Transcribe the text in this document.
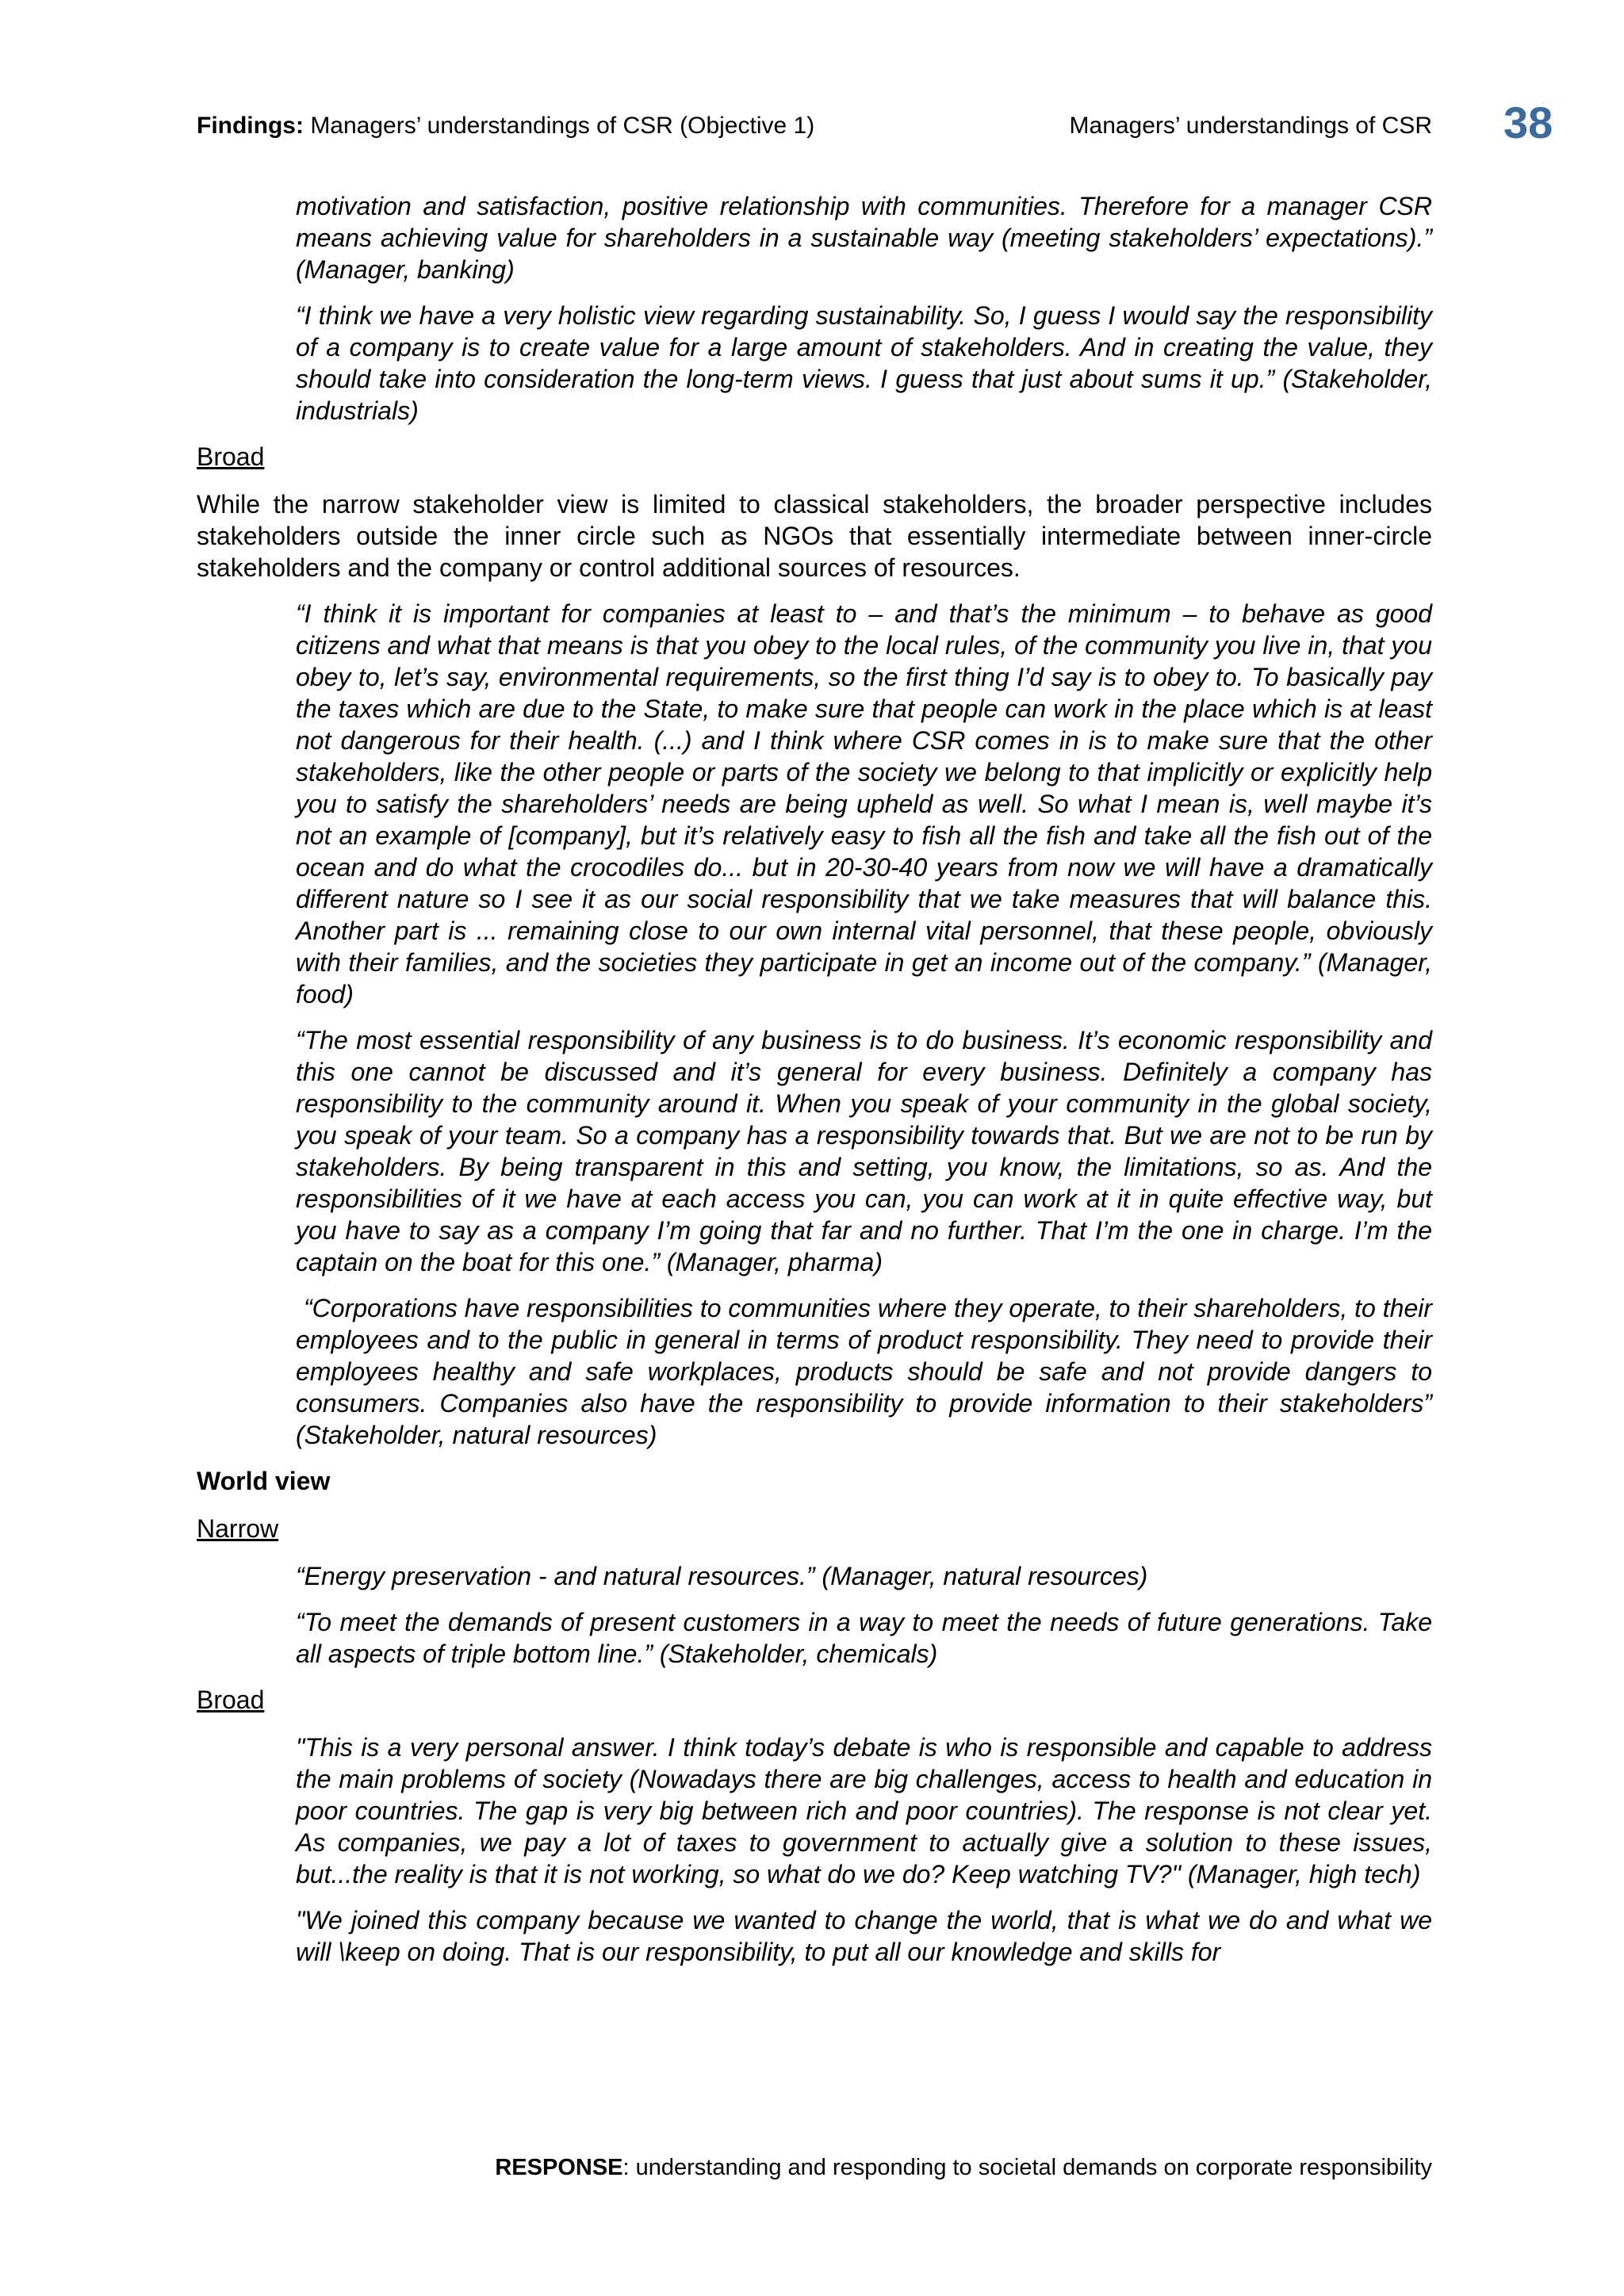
Findings: Managers’ understandings of CSR (Objective 1)	Managers’ understandings of CSR 38

motivation and satisfaction, positive relationship with communities. Therefore for a manager CSR means achieving value for shareholders in a sustainable way (meeting stakeholders’ expectations).” (Manager, banking)

“I think we have a very holistic view regarding sustainability. So, I guess I would say the responsibility of a company is to create value for a large amount of stakeholders. And in creating the value, they should take into consideration the long-term views. I guess that just about sums it up.” (Stakeholder, industrials)

Broad

While the narrow stakeholder view is limited to classical stakeholders, the broader perspective includes stakeholders outside the inner circle such as NGOs that essentially intermediate between inner-circle stakeholders and the company or control additional sources of resources.

“I think it is important for companies at least to – and that’s the minimum – to behave as good citizens and what that means is that you obey to the local rules, of the community you live in, that you obey to, let’s say, environmental requirements, so the first thing I’d say is to obey to. To basically pay the taxes which are due to the State, to make sure that people can work in the place which is at least not dangerous for their health. (...) and I think where CSR comes in is to make sure that the other stakeholders, like the other people or parts of the society we belong to that implicitly or explicitly help you to satisfy the shareholders’ needs are being upheld as well. So what I mean is, well maybe it’s not an example of [company], but it’s relatively easy to fish all the fish and take all the fish out of the ocean and do what the crocodiles do... but in 20-30-40 years from now we will have a dramatically different nature so I see it as our social responsibility that we take measures that will balance this. Another part is ... remaining close to our own internal vital personnel, that these people, obviously with their families, and the societies they participate in get an income out of the company.” (Manager, food)

“The most essential responsibility of any business is to do business. It’s economic responsibility and this one cannot be discussed and it’s general for every business. Definitely a company has responsibility to the community around it. When you speak of your community in the global society, you speak of your team. So a company has a responsibility towards that. But we are not to be run by stakeholders. By being transparent in this and setting, you know, the limitations, so as. And the responsibilities of it we have at each access you can, you can work at it in quite effective way, but you have to say as a company I’m going that far and no further. That I’m the one in charge. I’m the captain on the boat for this one.” (Manager, pharma)

“Corporations have responsibilities to communities where they operate, to their shareholders, to their employees and to the public in general in terms of product responsibility. They need to provide their employees healthy and safe workplaces, products should be safe and not provide dangers to consumers. Companies also have the responsibility to provide information to their stakeholders” (Stakeholder, natural resources)

World view
Narrow

“Energy preservation - and natural resources.” (Manager, natural resources)

“To meet the demands of present customers in a way to meet the needs of future generations. Take all aspects of triple bottom line.” (Stakeholder, chemicals)

Broad

"This is a very personal answer. I think today’s debate is who is responsible and capable to address the main problems of society (Nowadays there are big challenges, access to health and education in poor countries. The gap is very big between rich and poor countries). The response is not clear yet. As companies, we pay a lot of taxes to government to actually give a solution to these issues, but...the reality is that it is not working, so what do we do? Keep watching TV?" (Manager, high tech)

"We joined this company because we wanted to change the world, that is what we do and what we will \keep on doing. That is our responsibility, to put all our knowledge and skills for

RESPONSE: understanding and responding to societal demands on corporate responsibility
